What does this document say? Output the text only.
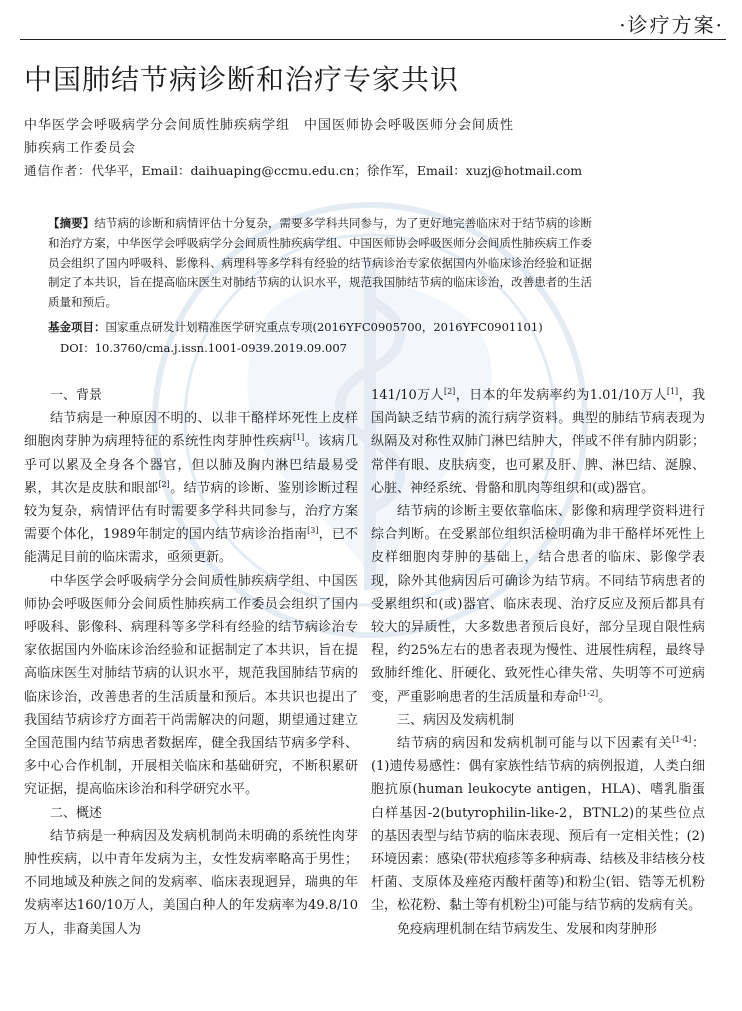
·诊疗方案·
中国肺结节病诊断和治疗专家共识
中华医学会呼吸病学分会间质性肺疾病学组　中国医师协会呼吸医师分会间质性
肺疾病工作委员会
通信作者：代华平，Email：daihuaping@ccmu.edu.cn；徐作军，Email：xuzj@hotmail.com
【摘要】结节病的诊断和病情评估十分复杂，需要多学科共同参与，为了更好地完善临床对于结节病的诊断和治疗方案，中华医学会呼吸病学分会间质性肺疾病学组、中国医师协会呼吸医师分会间质性肺疾病工作委员会组织了国内呼吸科、影像科、病理科等多学科有经验的结节病诊治专家依据国内外临床诊治经验和证据制定了本共识，旨在提高临床医生对肺结节病的认识水平，规范我国肺结节病的临床诊治，改善患者的生活质量和预后。
基金项目：国家重点研发计划精准医学研究重点专项(2016YFC0905700，2016YFC0901101)
DOI：10.3760/cma.j.issn.1001-0939.2019.09.007

一、背景

结节病是一种原因不明的、以非干酪样坏死性上皮样细胞肉芽肿为病理特征的系统性肉芽肿性疾病[1]。该病几乎可以累及全身各个器官，但以肺及胸内淋巴结最易受累，其次是皮肤和眼部[2]。结节病的诊断、鉴别诊断过程较为复杂，病情评估有时需要多学科共同参与，治疗方案需要个体化，1989年制定的国内结节病诊治指南[3]，已不能满足目前的临床需求，亟须更新。

中华医学会呼吸病学分会间质性肺疾病学组、中国医师协会呼吸医师分会间质性肺疾病工作委员会组织了国内呼吸科、影像科、病理科等多学科有经验的结节病诊治专家依据国内外临床诊治经验和证据制定了本共识，旨在提高临床医生对肺结节病的认识水平，规范我国肺结节病的临床诊治，改善患者的生活质量和预后。本共识也提出了我国结节病诊疗方面若干尚需解决的问题，期望通过建立全国范围内结节病患者数据库，健全我国结节病多学科、多中心合作机制，开展相关临床和基础研究，不断积累研究证据，提高临床诊治和科学研究水平。

二、概述

结节病是一种病因及发病机制尚未明确的系统性肉芽肿性疾病，以中青年发病为主，女性发病率略高于男性；不同地域及种族之间的发病率、临床表现迥异，瑞典的年发病率达160/10万人，美国白种人的年发病率为49.8/10万人，非裔美国人为

141/10万人[2]，日本的年发病率约为1.01/10万人[1]，我国尚缺乏结节病的流行病学资料。典型的肺结节病表现为纵隔及对称性双肺门淋巴结肿大，伴或不伴有肺内阴影；常伴有眼、皮肤病变，也可累及肝、脾、淋巴结、涎腺、心脏、神经系统、骨骼和肌肉等组织和(或)器官。

结节病的诊断主要依靠临床、影像和病理学资料进行综合判断。在受累部位组织活检明确为非干酪样坏死性上皮样细胞肉芽肿的基础上，结合患者的临床、影像学表现，除外其他病因后可确诊为结节病。不同结节病患者的受累组织和(或)器官、临床表现、治疗反应及预后都具有较大的异质性，大多数患者预后良好，部分呈现自限性病程，约25%左右的患者表现为慢性、进展性病程，最终导致肺纤维化、肝硬化、致死性心律失常、失明等不可逆病变，严重影响患者的生活质量和寿命[1-2]。

三、病因及发病机制

结节病的病因和发病机制可能与以下因素有关[1-4]：(1)遗传易感性：偶有家族性结节病的病例报道，人类白细胞抗原(human leukocyte antigen，HLA)、嗜乳脂蛋白样基因-2(butyrophilin-like-2，BTNL2)的某些位点的基因表型与结节病的临床表现、预后有一定相关性；(2)环境因素：感染(带状疱疹等多种病毒、结核及非结核分枝杆菌、支原体及痤疮丙酸杆菌等)和粉尘(铝、锆等无机粉尘，松花粉、黏土等有机粉尘)可能与结节病的发病有关。

免疫病理机制在结节病发生、发展和肉芽肿形
